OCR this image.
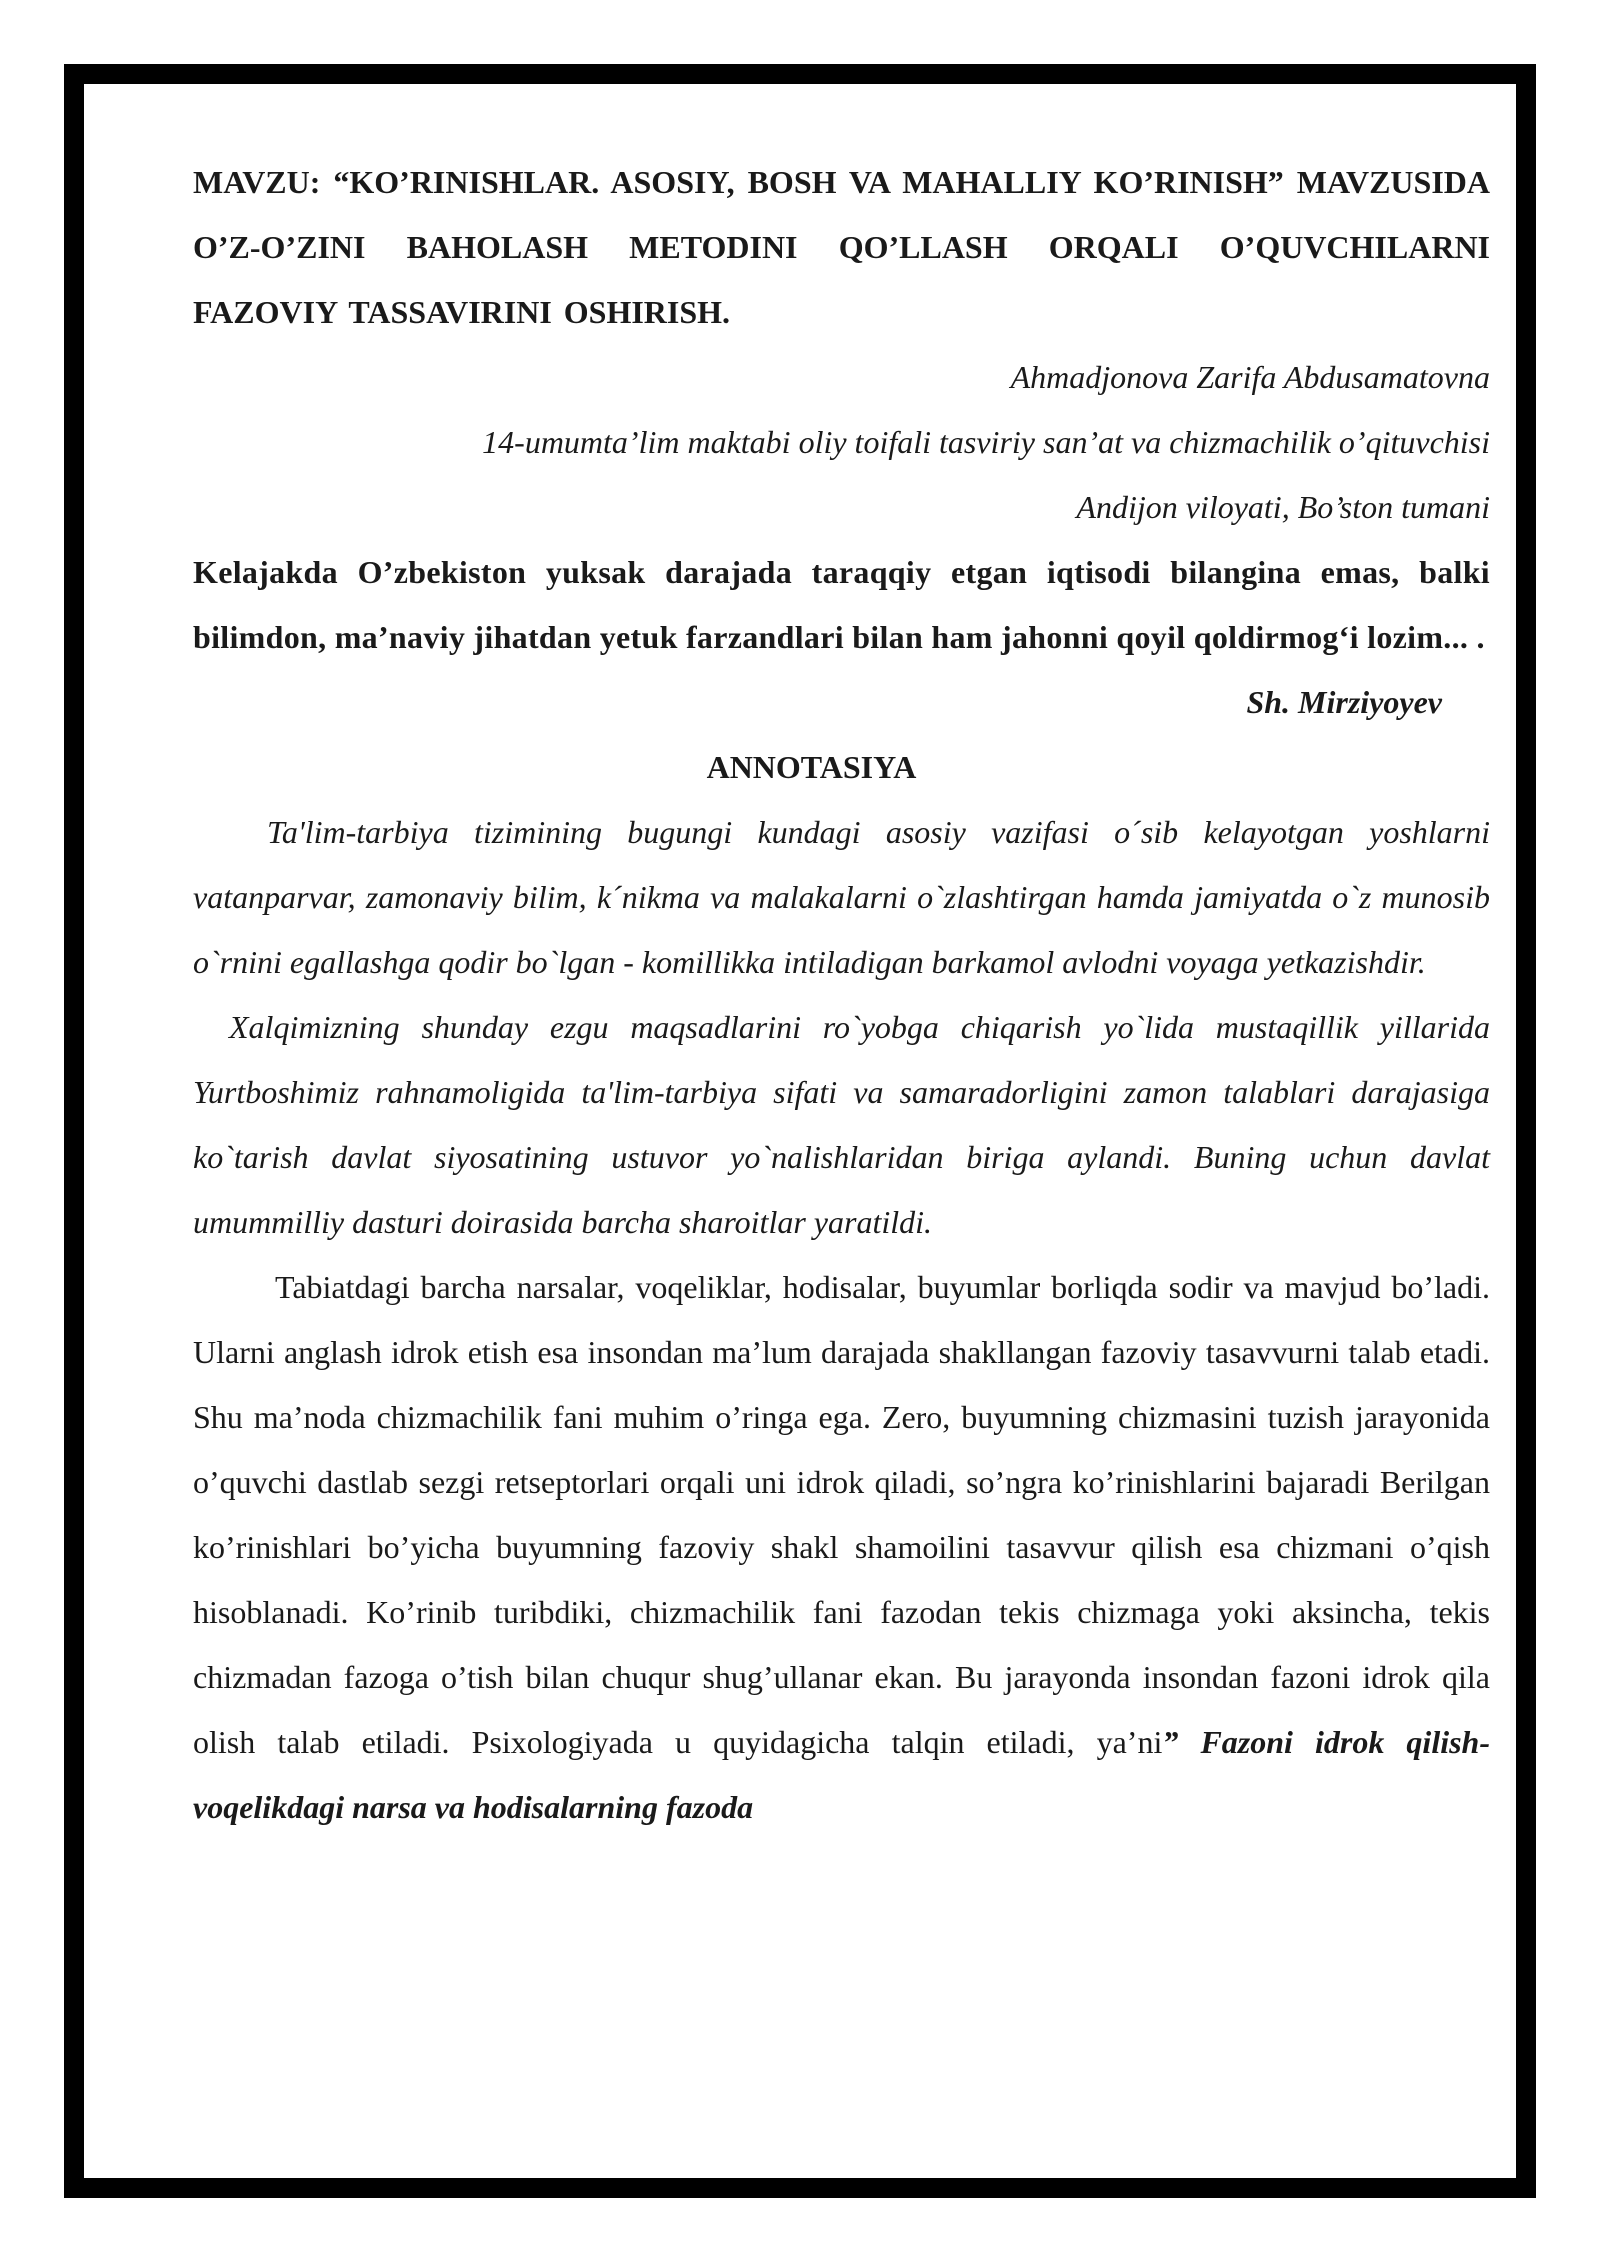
MAVZU: “KO’RINISHLAR. ASOSIY, BOSH VA MAHALLIY KO’RINISH” MAVZUSIDA O’Z-O’ZINI BAHOLASH METODINI QO’LLASH ORQALI O’QUVCHILARNI FAZOVIY TASSAVIRINI OSHIRISH.

Ahmadjonova Zarifa Abdusamatovna

14-umumta’lim maktabi oliy toifali tasviriy san’at va chizmachilik o’qituvchisi

Andijon viloyati, Bo’ston tumani

Kelajakda O’zbekiston yuksak darajada taraqqiy etgan iqtisodi bilangina emas, balki bilimdon, ma’naviy jihatdan yetuk farzandlari bilan ham jahonni qoyil qoldirmog‘i lozim... .

Sh. Mirziyoyev

ANNOTASIYA

Ta'lim-tarbiya tizimining bugungi kundagi asosiy vazifasi o´sib kelayotgan yoshlarni vatanparvar, zamonaviy bilim, k´nikma va malakalarni o`zlashtirgan hamda jamiyatda o`z munosib o`rnini egallashga qodir bo`lgan - komillikka intiladigan barkamol avlodni voyaga yetkazishdir.

Xalqimizning shunday ezgu maqsadlarini ro`yobga chiqarish yo`lida mustaqillik yillarida Yurtboshimiz rahnamoligida ta'lim-tarbiya sifati va samaradorligini zamon talablari darajasiga ko`tarish davlat siyosatining ustuvor yo`nalishlaridan biriga aylandi. Buning uchun davlat umummilliy dasturi doirasida barcha sharoitlar yaratildi.

Tabiatdagi barcha narsalar, voqeliklar, hodisalar, buyumlar borliqda sodir va mavjud bo’ladi. Ularni anglash idrok etish esa insondan ma’lum darajada shakllangan fazoviy tasavvurni talab etadi. Shu ma’noda chizmachilik fani muhim o’ringa ega. Zero, buyumning chizmasini tuzish jarayonida o’quvchi dastlab sezgi retseptorlari orqali uni idrok qiladi, so’ngra ko’rinishlarini bajaradi Berilgan ko’rinishlari bo’yicha buyumning fazoviy shakl shamoilini tasavvur qilish esa chizmani o’qish hisoblanadi. Ko’rinib turibdiki, chizmachilik fani fazodan tekis chizmaga yoki aksincha, tekis chizmadan fazoga o’tish bilan chuqur shug’ullanar ekan. Bu jarayonda insondan fazoni idrok qila olish talab etiladi. Psixologiyada u quyidagicha talqin etiladi, ya’ni” Fazoni idrok qilish- voqelikdagi narsa va hodisalarning fazoda
